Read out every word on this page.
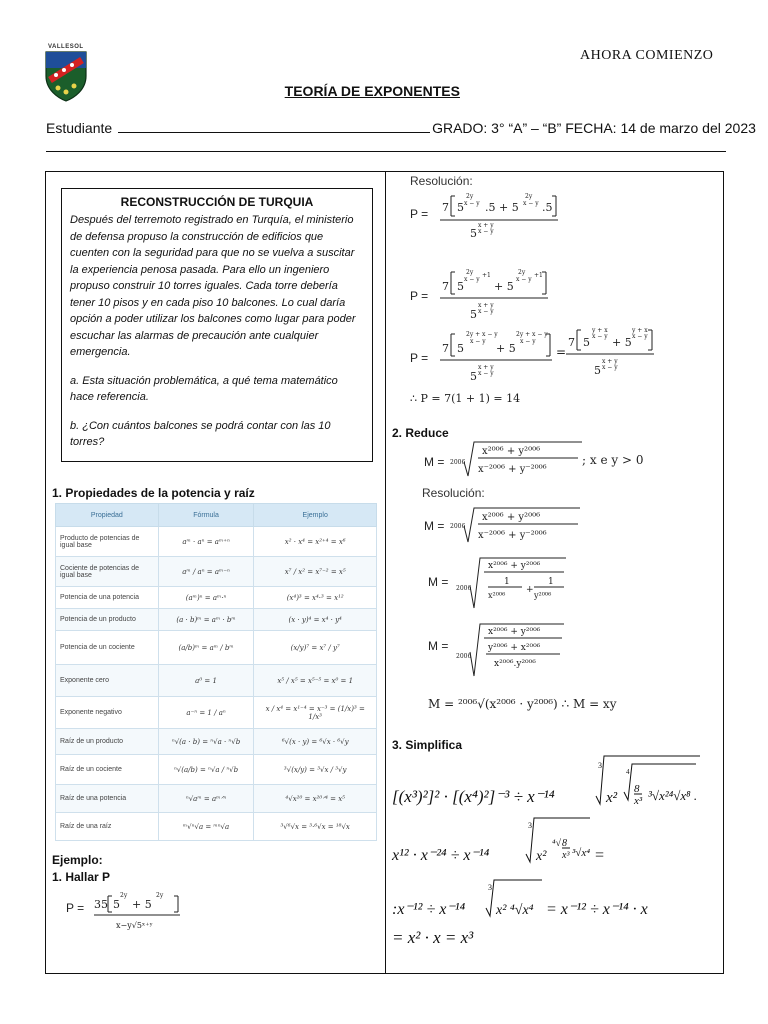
VALLESOL
AHORA COMIENZO
TEORÍA DE EXPONENTES
Estudiante	GRADO: 3° “A” – “B” FECHA: 14 de marzo del 2023
RECONSTRUCCIÓN DE TURQUIA

Después del terremoto registrado en Turquía, el ministerio de defensa propuso la construcción de edificios que cuenten con la seguridad para que no se vuelva a suscitar la experiencia penosa pasada. Para ello un ingeniero propuso construir 10 torres iguales. Cada torre debería tener 10 pisos y en cada piso 10 balcones. Lo cual daría opción a poder utilizar los balcones como lugar para poder escuchar las alarmas de precaución ante cualquier emergencia.

a. Esta situación problemática, a qué tema matemático hace referencia.

b. ¿Con cuántos balcones se podrá contar con las 10 torres?

1. Propiedades de la potencia y raíz
Propiedad	Fórmula	Ejemplo
Producto de potencias de igual base	aᵐ · aⁿ = aᵐ⁺ⁿ	x² · x⁴ = x²⁺⁴ = x⁶
Cociente de potencias de igual base	aᵐ / aⁿ = aᵐ⁻ⁿ	x⁷ / x² = x⁷⁻² = x⁵
Potencia de una potencia	(aᵐ)ⁿ = aᵐ·ⁿ	(x⁴)³ = x⁴·³ = x¹²
Potencia de un producto	(a · b)ᵐ = aᵐ · bᵐ	(x · y)⁴ = x⁴ · y⁴
Potencia de un cociente	(a/b)ᵐ = aᵐ / bᵐ	(x/y)⁷ = x⁷ / y⁷
Exponente cero	a⁰ = 1	x⁵ / x⁵ = x⁵⁻⁵ = x⁰ = 1
Exponente negativo	a⁻ⁿ = 1 / aⁿ	x / x⁴ = x¹⁻⁴ = x⁻³ = (1/x)³ = 1/x³
Raíz de un producto	ⁿ√(a · b) = ⁿ√a · ⁿ√b	⁶√(x · y) = ⁶√x · ⁶√y
Raíz de un cociente	ⁿ√(a/b) = ⁿ√a / ⁿ√b	³√(x/y) = ³√x / ³√y
Raíz de una potencia	ⁿ√aᵐ = aᵐᐟⁿ	⁴√x²⁰ = x²⁰ᐟ⁴ = x⁵
Raíz de una raíz	ᵐ√ⁿ√a = ᵐⁿ√a	³√⁶√x = ³·⁶√x = ¹⁸√x
Ejemplo:
1. Hallar P
P = 35 5
2y
+ 5
2y
x−y√5ˣ⁺ʸ
Resolución:
P = 7 5
2y
x − y .5 + 5
2y
x − y .5
5
x + y
x − y
P =
7 5
2y
x − y
+1
+ 5
2y
x − y
+1
5
x + y
x − y
P =
7 5
2y + x − y
x − y
+ 5
2y + x − y
x − y
5
x + y
x − y
=
7 5
y + x
x − y + 5
y + x
x − y
5
x + y
x − y
∴ P = 7(1 + 1) = 14
2. Reduce
M = 2006
x²⁰⁰⁶ + y²⁰⁰⁶
x⁻²⁰⁰⁶ + y⁻²⁰⁰⁶
; x e y > 0
Resolución:
M = 2006
x²⁰⁰⁶ + y²⁰⁰⁶
x⁻²⁰⁰⁶ + y⁻²⁰⁰⁶
M = 2006
x²⁰⁰⁶ + y²⁰⁰⁶
1
x²⁰⁰⁶
+
1
y²⁰⁰⁶
M =
2006
x²⁰⁰⁶ + y²⁰⁰⁶
y²⁰⁰⁶ + x²⁰⁰⁶
x²⁰⁰⁶.y²⁰⁰⁶
M = ²⁰⁰⁶√(x²⁰⁰⁶ · y²⁰⁰⁶) ∴ M = xy
3. Simplifica
[(x³)²]² · [(x⁴)²]⁻³ ÷ x⁻¹⁴
3
x²
4
8
x³ ³√x²⁴√x⁸ .
x¹² · x⁻²⁴ ÷ x⁻¹⁴
3
x²
⁴√ 8
x³ ³√x⁴ =
:x⁻¹² ÷ x⁻¹⁴
3
x² ⁴√x⁴ = x⁻¹² ÷ x⁻¹⁴ · x
= x² · x = x³
